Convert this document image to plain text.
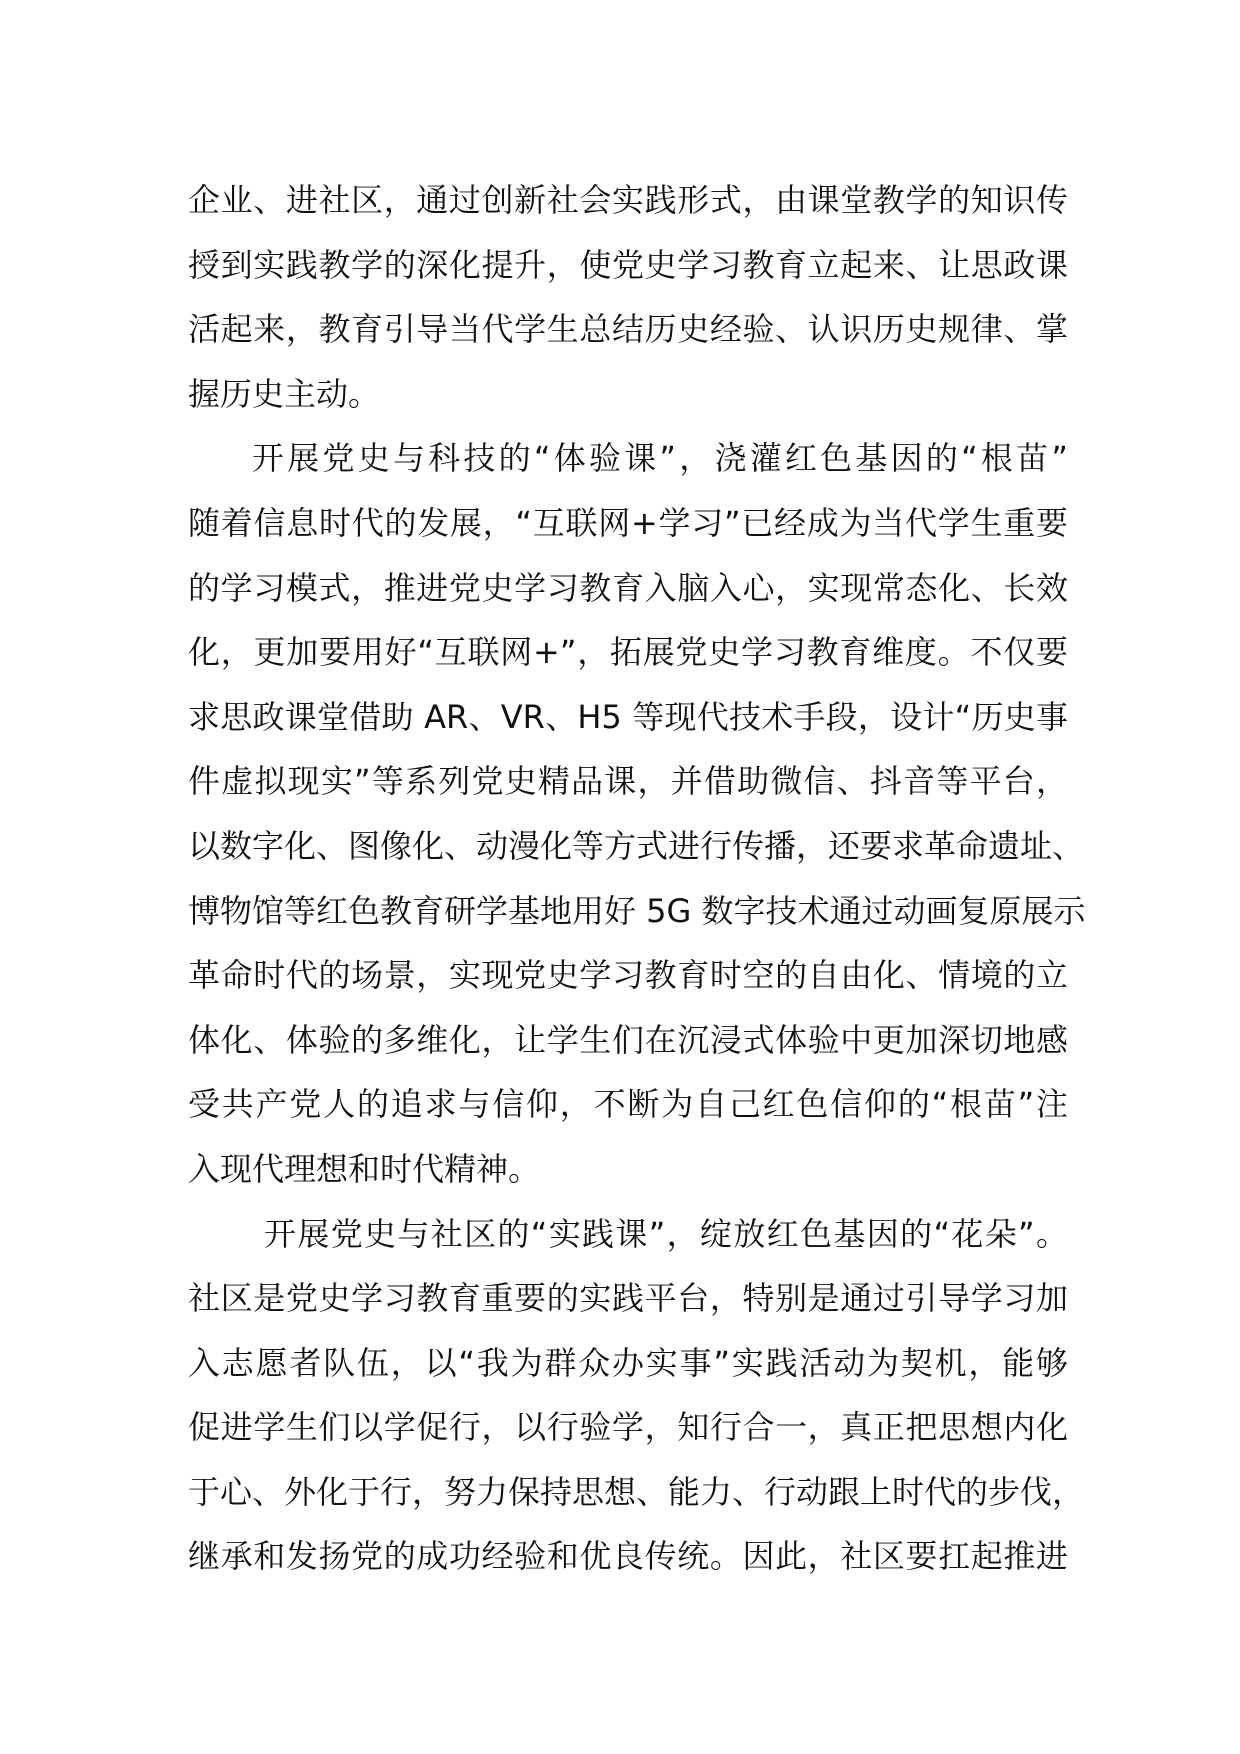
企业、进社区，通过创新社会实践形式，由课堂教学的知识传
授到实践教学的深化提升，使党史学习教育立起来、让思政课
活起来，教育引导当代学生总结历史经验、认识历史规律、掌
握历史主动。
开展党史与科技的“体验课”，浇灌红色基因的“根苗”
随着信息时代的发展，“互联网+学习”已经成为当代学生重要
的学习模式，推进党史学习教育入脑入心，实现常态化、长效
化，更加要用好“互联网+”，拓展党史学习教育维度。不仅要
求思政课堂借助 AR、VR、H5 等现代技术手段，设计“历史事
件虚拟现实”等系列党史精品课，并借助微信、抖音等平台，
以数字化、图像化、动漫化等方式进行传播，还要求革命遗址、
博物馆等红色教育研学基地用好 5G 数字技术通过动画复原展示
革命时代的场景，实现党史学习教育时空的自由化、情境的立
体化、体验的多维化，让学生们在沉浸式体验中更加深切地感
受共产党人的追求与信仰，不断为自己红色信仰的“根苗”注
入现代理想和时代精神。
开展党史与社区的“实践课”，绽放红色基因的“花朵”。
社区是党史学习教育重要的实践平台，特别是通过引导学习加
入志愿者队伍，以“我为群众办实事”实践活动为契机，能够
促进学生们以学促行，以行验学，知行合一，真正把思想内化
于心、外化于行，努力保持思想、能力、行动跟上时代的步伐，
继承和发扬党的成功经验和优良传统。因此，社区要扛起推进
